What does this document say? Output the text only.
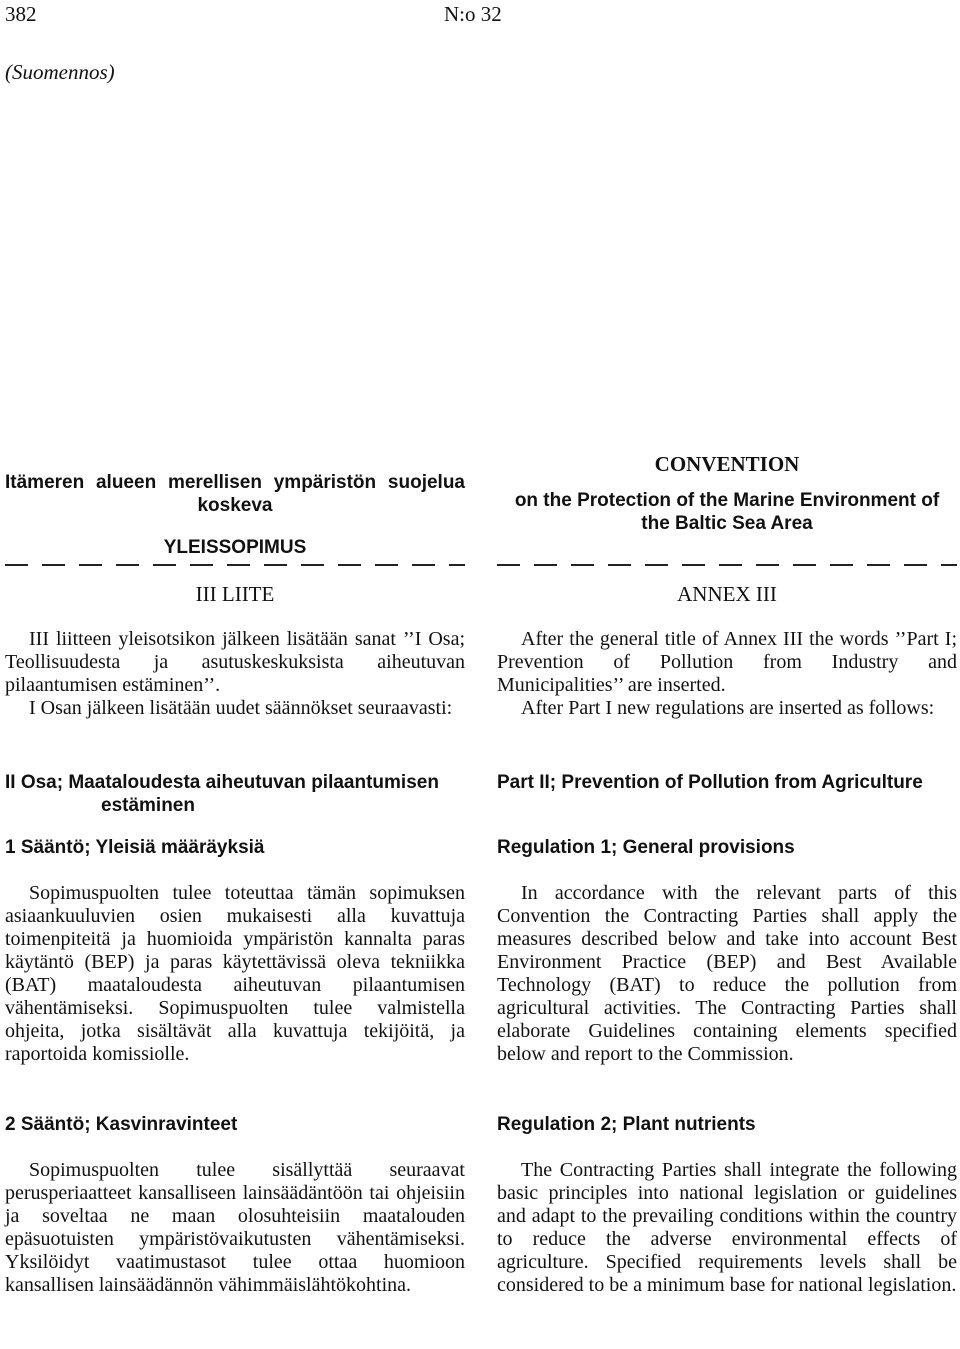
382	N:o 32
(Suomennos)

Itämeren alueen merellisen ympäristön suojelua koskeva

YLEISSOPIMUS

CONVENTION

on the Protection of the Marine Environment of the Baltic Sea Area

III LIITE	ANNEX III

III liitteen yleisotsikon jälkeen lisätään sanat ’’I Osa; Teollisuudesta ja asutuskeskuksista aiheutuvan pilaantumisen estäminen’’.

I Osan jälkeen lisätään uudet säännökset seuraavasti:

After the general title of Annex III the words ’’Part I; Prevention of Pollution from Industry and Municipalities’’ are inserted.

After Part I new regulations are inserted as follows:

II Osa; Maataloudesta aiheutuvan pilaantumisen estäminen

Part II; Prevention of Pollution from Agriculture

1 Sääntö; Yleisiä määräyksiä

Sopimuspuolten tulee toteuttaa tämän sopimuksen asiaankuuluvien osien mukaisesti alla kuvattuja toimenpiteitä ja huomioida ympäristön kannalta paras käytäntö (BEP) ja paras käytettävissä oleva tekniikka (BAT) maataloudesta aiheutuvan pilaantumisen vähentämiseksi. Sopimuspuolten tulee valmistella ohjeita, jotka sisältävät alla kuvattuja tekijöitä, ja raportoida komissiolle.

Regulation 1; General provisions

In accordance with the relevant parts of this Convention the Contracting Parties shall apply the measures described below and take into account Best Environment Practice (BEP) and Best Available Technology (BAT) to reduce the pollution from agricultural activities. The Contracting Parties shall elaborate Guidelines containing elements specified below and report to the Commission.

2 Sääntö; Kasvinravinteet

Sopimuspuolten tulee sisällyttää seuraavat perusperiaatteet kansalliseen lainsäädäntöön tai ohjeisiin ja soveltaa ne maan olosuhteisiin maatalouden epäsuotuisten ympäristövaikutusten vähentämiseksi. Yksilöidyt vaatimustasot tulee ottaa huomioon kansallisen lainsäädännön vähimmäislähtökohtina.

Regulation 2; Plant nutrients

The Contracting Parties shall integrate the following basic principles into national legislation or guidelines and adapt to the prevailing conditions within the country to reduce the adverse environmental effects of agriculture. Specified requirements levels shall be considered to be a minimum base for national legislation.
